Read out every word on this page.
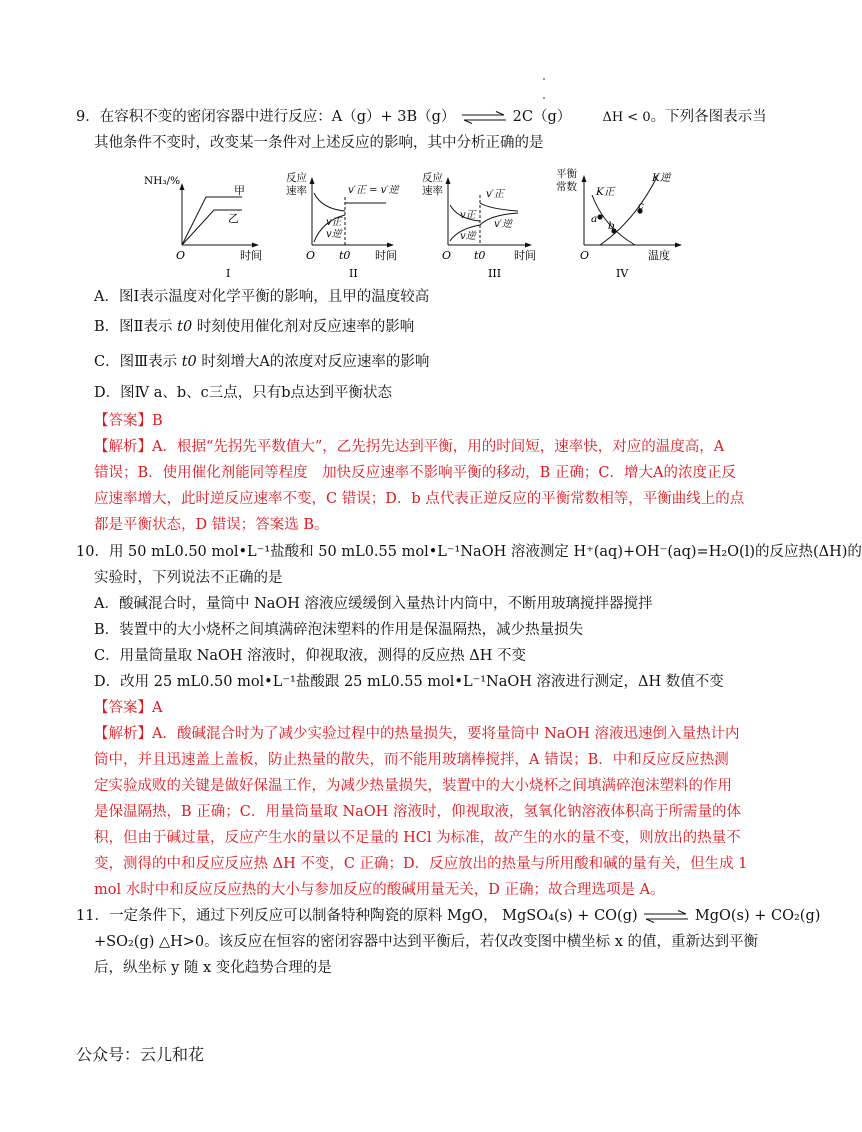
9．在容积不变的密闭容器中进行反应：A（g）+ 3B（g） ⇌ 2C（g） ΔH < 0。下列各图表示当
其他条件不变时，改变某一条件对上述反应的影响，其中分析正确的是
NH₃/%
甲
乙
O	时间
I
反应
速率	v′正 = v′逆
v正
v逆
O t0 时间
II
反应
速率	v′正
v′逆
v正
v逆
O t0	时间
III
平衡
常数 K正
K逆
a
b
c
O	温度
IV
A．图Ⅰ表示温度对化学平衡的影响，且甲的温度较高
B．图Ⅱ表示 t0 时刻使用催化剂对反应速率的影响
C．图Ⅲ表示 t0 时刻增大A的浓度对反应速率的影响
D．图Ⅳ a、b、c三点，只有b点达到平衡状态
【答案】B
【解析】A．根据“先拐先平数值大”，乙先拐先达到平衡，用的时间短，速率快，对应的温度高，A
错误；B．使用催化剂能同等程度　加快反应速率不影响平衡的移动，B 正确；C．增大A的浓度正反
应速率增大，此时逆反应速率不变，C 错误；D．b 点代表正逆反应的平衡常数相等，平衡曲线上的点
都是平衡状态，D 错误；答案选 B。
10．用 50 mL0.50 mol•L⁻¹盐酸和 50 mL0.55 mol•L⁻¹NaOH 溶液测定 H⁺(aq)+OH⁻(aq)=H₂O(l)的反应热(ΔH)的
实验时，下列说法不正确的是
A．酸碱混合时，量筒中 NaOH 溶液应缓缓倒入量热计内筒中，不断用玻璃搅拌器搅拌
B．装置中的大小烧杯之间填满碎泡沫塑料的作用是保温隔热，减少热量损失
C．用量筒量取 NaOH 溶液时，仰视取液，测得的反应热 ΔH 不变
D．改用 25 mL0.50 mol•L⁻¹盐酸跟 25 mL0.55 mol•L⁻¹NaOH 溶液进行测定，ΔH 数值不变
【答案】A
【解析】A．酸碱混合时为了减少实验过程中的热量损失，要将量筒中 NaOH 溶液迅速倒入量热计内
筒中，并且迅速盖上盖板，防止热量的散失，而不能用玻璃棒搅拌，A 错误；B．中和反应反应热测
定实验成败的关键是做好保温工作，为减少热量损失，装置中的大小烧杯之间填满碎泡沫塑料的作用
是保温隔热，B 正确；C．用量筒量取 NaOH 溶液时，仰视取液，氢氧化钠溶液体积高于所需量的体
积，但由于碱过量，反应产生水的量以不足量的 HCl 为标准，故产生的水的量不变，则放出的热量不
变，测得的中和反应反应热 ΔH 不变，C 正确；D．反应放出的热量与所用酸和碱的量有关，但生成 1
mol 水时中和反应反应热的大小与参加反应的酸碱用量无关，D 正确；故合理选项是 A。
11．一定条件下，通过下列反应可以制备特种陶瓷的原料 MgO， MgSO₄(s) + CO(g) ⇌ MgO(s) + CO₂(g)
+SO₂(g) △H>0。该反应在恒容的密闭容器中达到平衡后，若仅改变图中横坐标 x 的值，重新达到平衡
后，纵坐标 y 随 x 变化趋势合理的是
公众号：云儿和花
